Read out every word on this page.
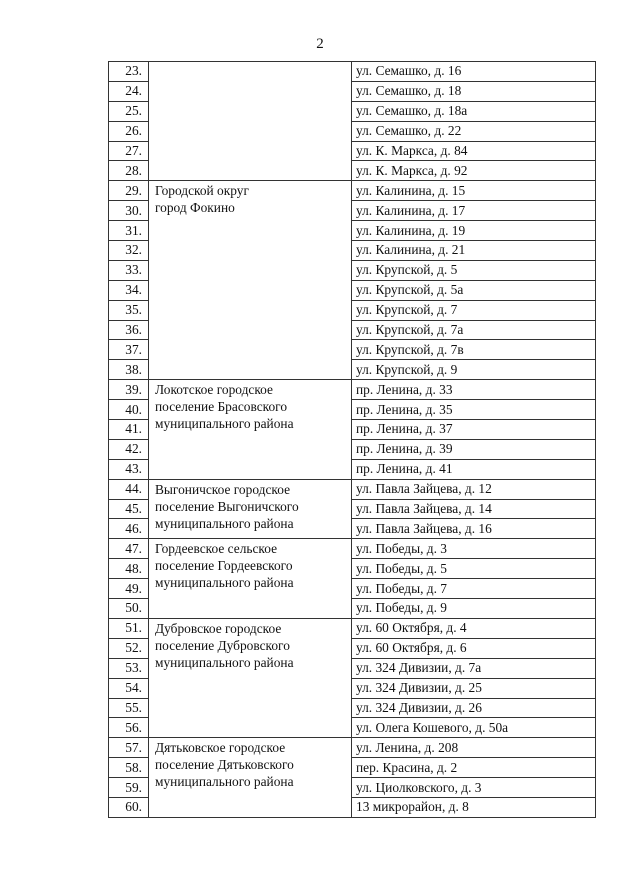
2
23.		ул. Семашко, д. 16
24.		ул. Семашко, д. 18
25.		ул. Семашко, д. 18а
26.		ул. Семашко, д. 22
27.		ул. К. Маркса, д. 84
28.		ул. К. Маркса, д. 92
29.	Городской округ
город Фокино	ул. Калинина, д. 15
30.		ул. Калинина, д. 17
31.		ул. Калинина, д. 19
32.		ул. Калинина, д. 21
33.		ул. Крупской, д. 5
34.		ул. Крупской, д. 5а
35.		ул. Крупской, д. 7
36.		ул. Крупской, д. 7а
37.		ул. Крупской, д. 7в
38.		ул. Крупской, д. 9
39.	Локотское городское
поселение Брасовского
муниципального района	пр. Ленина, д. 33
40.		пр. Ленина, д. 35
41.		пр. Ленина, д. 37
42.		пр. Ленина, д. 39
43.		пр. Ленина, д. 41
44.	Выгоничское городское
поселение Выгоничского
муниципального района	ул. Павла Зайцева, д. 12
45.		ул. Павла Зайцева, д. 14
46.		ул. Павла Зайцева, д. 16
47.	Гордеевское сельское
поселение Гордеевского
муниципального района	ул. Победы, д. 3
48.		ул. Победы, д. 5
49.		ул. Победы, д. 7
50.		ул. Победы, д. 9
51.	Дубровское городское
поселение Дубровского
муниципального района	ул. 60 Октября, д. 4
52.		ул. 60 Октября, д. 6
53.		ул. 324 Дивизии, д. 7а
54.		ул. 324 Дивизии, д. 25
55.		ул. 324 Дивизии, д. 26
56.		ул. Олега Кошевого, д. 50а
57.	Дятьковское городское
поселение Дятьковского
муниципального района	ул. Ленина, д. 208
58.		пер. Красина, д. 2
59.		ул. Циолковского, д. 3
60.		13 микрорайон, д. 8
